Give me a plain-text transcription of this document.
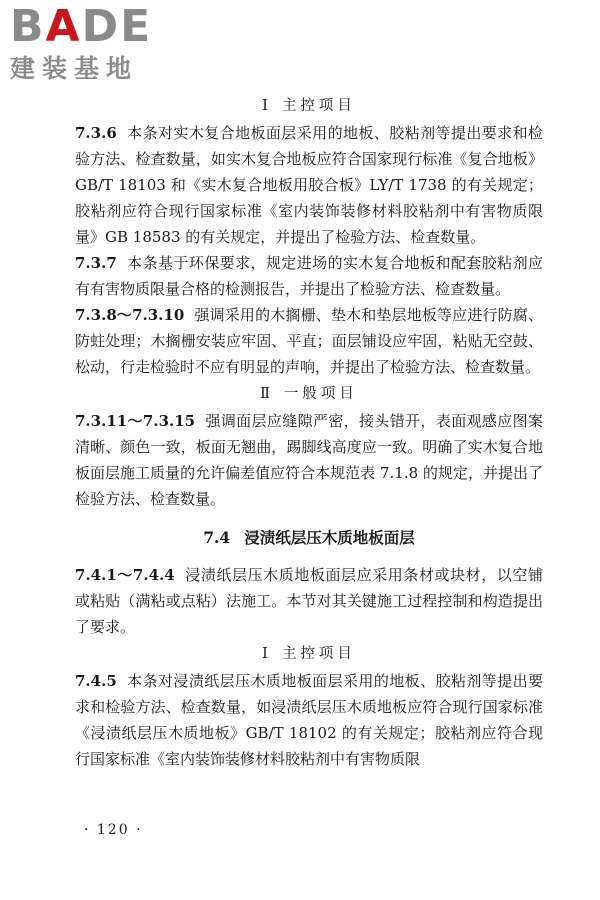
BADE
建装基地
Ⅰ 主控项目

7.3.6 本条对实木复合地板面层采用的地板、胶粘剂等提出要求和检验方法、检查数量，如实木复合地板应符合国家现行标准《复合地板》GB/T 18103 和《实木复合地板用胶合板》LY/T 1738 的有关规定；胶粘剂应符合现行国家标准《室内装饰装修材料胶粘剂中有害物质限量》GB 18583 的有关规定，并提出了检验方法、检查数量。

7.3.7 本条基于环保要求，规定进场的实木复合地板和配套胶粘剂应有有害物质限量合格的检测报告，并提出了检验方法、检查数量。

7.3.8～7.3.10 强调采用的木搁栅、垫木和垫层地板等应进行防腐、防蛀处理；木搁栅安装应牢固、平直；面层铺设应牢固，粘贴无空鼓、松动，行走检验时不应有明显的声响，并提出了检验方法、检查数量。

Ⅱ 一般项目

7.3.11～7.3.15 强调面层应缝隙严密，接头错开，表面观感应图案清晰、颜色一致，板面无翘曲，踢脚线高度应一致。明确了实木复合地板面层施工质量的允许偏差值应符合本规范表 7.1.8 的规定，并提出了检验方法、检查数量。

7.4 浸渍纸层压木质地板面层

7.4.1～7.4.4 浸渍纸层压木质地板面层应采用条材或块材，以空铺或粘贴（满粘或点粘）法施工。本节对其关键施工过程控制和构造提出了要求。

Ⅰ 主控项目

7.4.5 本条对浸渍纸层压木质地板面层采用的地板、胶粘剂等提出要求和检验方法、检查数量，如浸渍纸层压木质地板应符合现行国家标准《浸渍纸层压木质地板》GB/T 18102 的有关规定；胶粘剂应符合现行国家标准《室内装饰装修材料胶粘剂中有害物质限

· 120 ·
